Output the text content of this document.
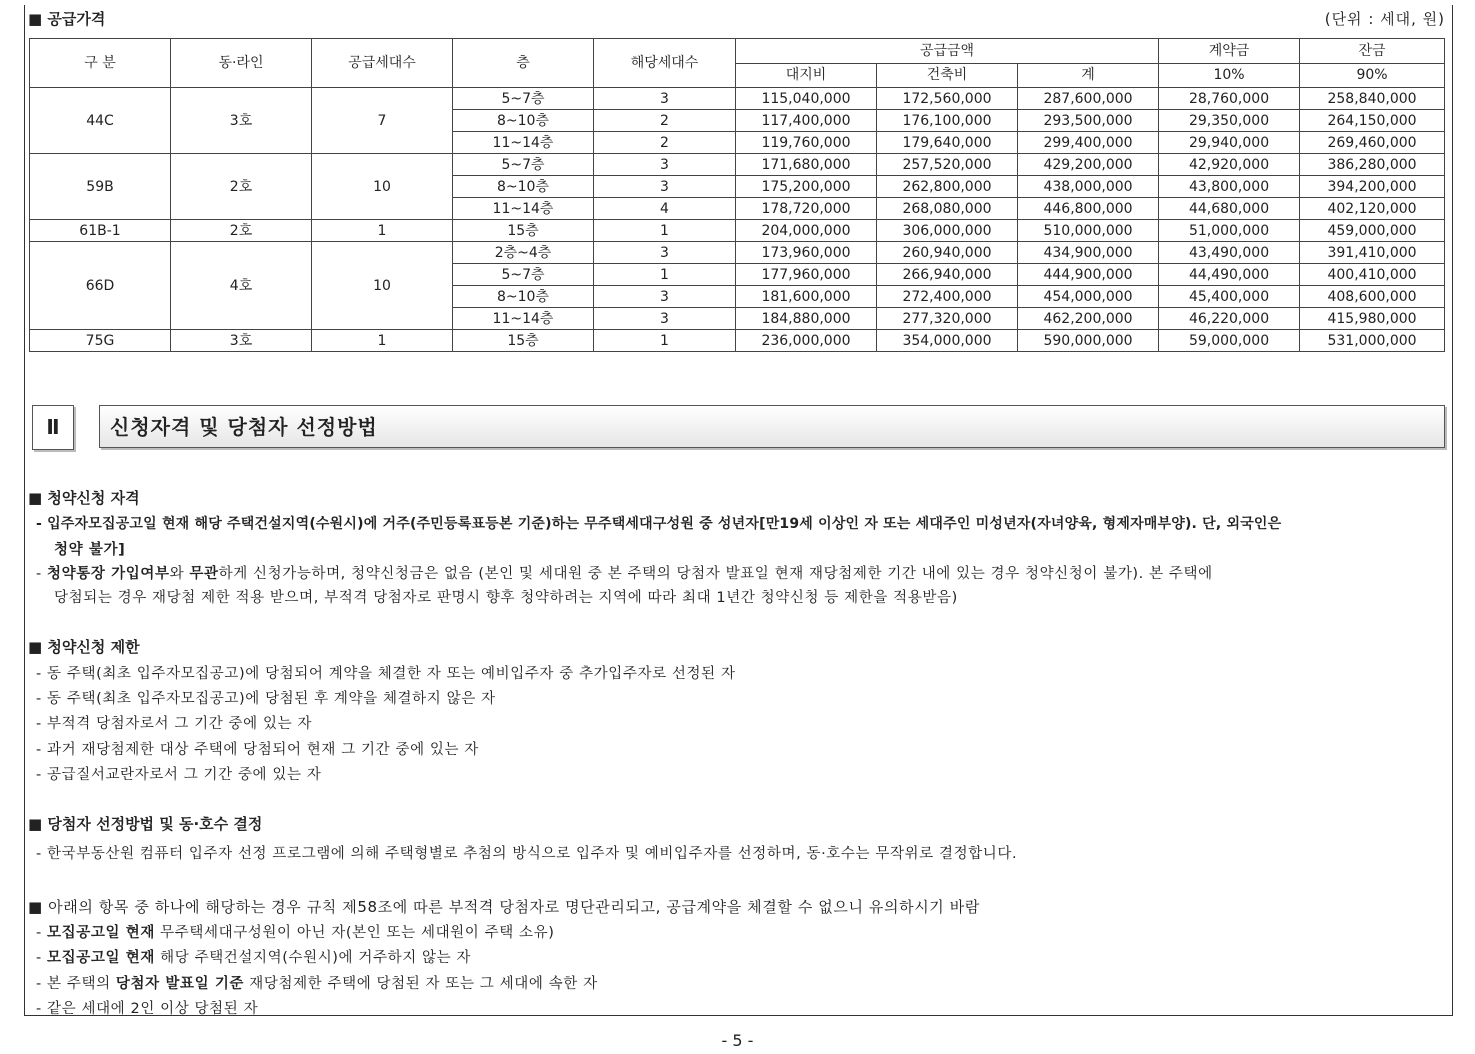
■ 공급가격	(단위 : 세대, 원)
구 분	동·라인	공급세대수	층	해당세대수	공급금액			계약금	잔금
					대지비	건축비	계	10%	90%
44C	3호	7	5~7층	3	115,040,000	172,560,000	287,600,000	28,760,000	258,840,000
			8~10층	2	117,400,000	176,100,000	293,500,000	29,350,000	264,150,000
			11~14층	2	119,760,000	179,640,000	299,400,000	29,940,000	269,460,000
59B	2호	10	5~7층	3	171,680,000	257,520,000	429,200,000	42,920,000	386,280,000
			8~10층	3	175,200,000	262,800,000	438,000,000	43,800,000	394,200,000
			11~14층	4	178,720,000	268,080,000	446,800,000	44,680,000	402,120,000
61B-1	2호	1	15층	1	204,000,000	306,000,000	510,000,000	51,000,000	459,000,000
66D	4호	10	2층~4층	3	173,960,000	260,940,000	434,900,000	43,490,000	391,410,000
			5~7층	1	177,960,000	266,940,000	444,900,000	44,490,000	400,410,000
			8~10층	3	181,600,000	272,400,000	454,000,000	45,400,000	408,600,000
			11~14층	3	184,880,000	277,320,000	462,200,000	46,220,000	415,980,000
75G	3호	1	15층	1	236,000,000	354,000,000	590,000,000	59,000,000	531,000,000
Ⅱ	신청자격 및 당첨자 선정방법
■ 청약신청 자격
- 입주자모집공고일 현재 해당 주택건설지역(수원시)에 거주(주민등록표등본 기준)하는 무주택세대구성원 중 성년자[만19세 이상인 자 또는 세대주인 미성년자(자녀양육, 형제자매부양). 단, 외국인은
청약 불가]
- 청약통장 가입여부와 무관하게 신청가능하며, 청약신청금은 없음 (본인 및 세대원 중 본 주택의 당첨자 발표일 현재 재당첨제한 기간 내에 있는 경우 청약신청이 불가). 본 주택에
당첨되는 경우 재당첨 제한 적용 받으며, 부적격 당첨자로 판명시 향후 청약하려는 지역에 따라 최대 1년간 청약신청 등 제한을 적용받음)
■ 청약신청 제한
- 동 주택(최초 입주자모집공고)에 당첨되어 계약을 체결한 자 또는 예비입주자 중 추가입주자로 선정된 자
- 동 주택(최초 입주자모집공고)에 당첨된 후 계약을 체결하지 않은 자
- 부적격 당첨자로서 그 기간 중에 있는 자
- 과거 재당첨제한 대상 주택에 당첨되어 현재 그 기간 중에 있는 자
- 공급질서교란자로서 그 기간 중에 있는 자
■ 당첨자 선정방법 및 동·호수 결정
- 한국부동산원 컴퓨터 입주자 선정 프로그램에 의해 주택형별로 추첨의 방식으로 입주자 및 예비입주자를 선정하며, 동·호수는 무작위로 결정합니다.
■ 아래의 항목 중 하나에 해당하는 경우 규칙 제58조에 따른 부적격 당첨자로 명단관리되고, 공급계약을 체결할 수 없으니 유의하시기 바람
- 모집공고일 현재 무주택세대구성원이 아닌 자(본인 또는 세대원이 주택 소유)
- 모집공고일 현재 해당 주택건설지역(수원시)에 거주하지 않는 자
- 본 주택의 당첨자 발표일 기준 재당첨제한 주택에 당첨된 자 또는 그 세대에 속한 자
- 같은 세대에 2인 이상 당첨된 자
- 5 -
